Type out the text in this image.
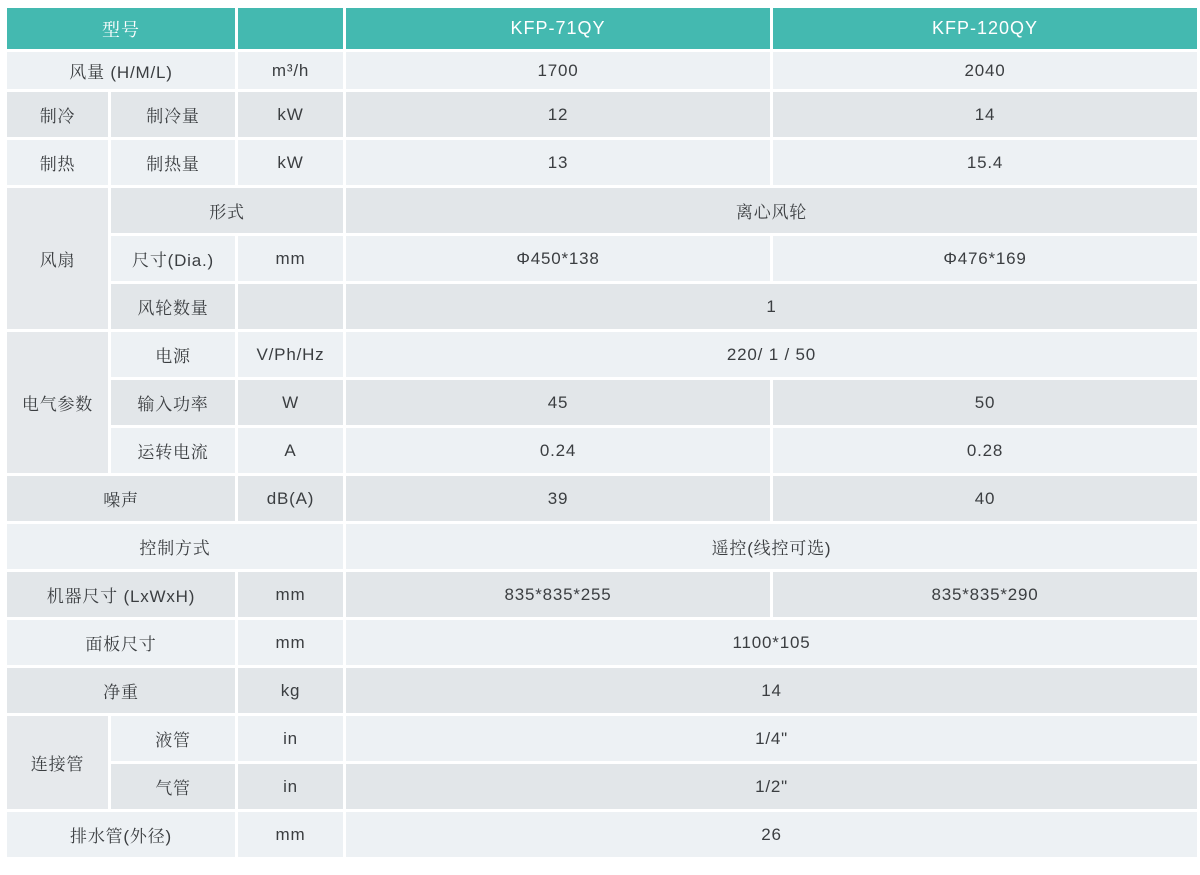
型号			KFP-71QY	KFP-120QY
风量 (H/M/L)		m³/h	1700	2040
制冷	制冷量	kW	12	14
制热	制热量	kW	13	15.4
风扇	形式		离心风轮	
	尺寸(Dia.)	mm	Φ450*138	Φ476*169
	风轮数量		1	
电气参数	电源	V/Ph/Hz	220/ 1 / 50	
	输入功率	W	45	50
	运转电流	A	0.24	0.28
噪声		dB(A)	39	40
控制方式			遥控(线控可选)	
机器尺寸 (LxWxH)		mm	835*835*255	835*835*290
面板尺寸		mm	1100*105	
净重		kg	14	
连接管	液管	in	1/4"	
	气管	in	1/2"	
排水管(外径)		mm	26	
